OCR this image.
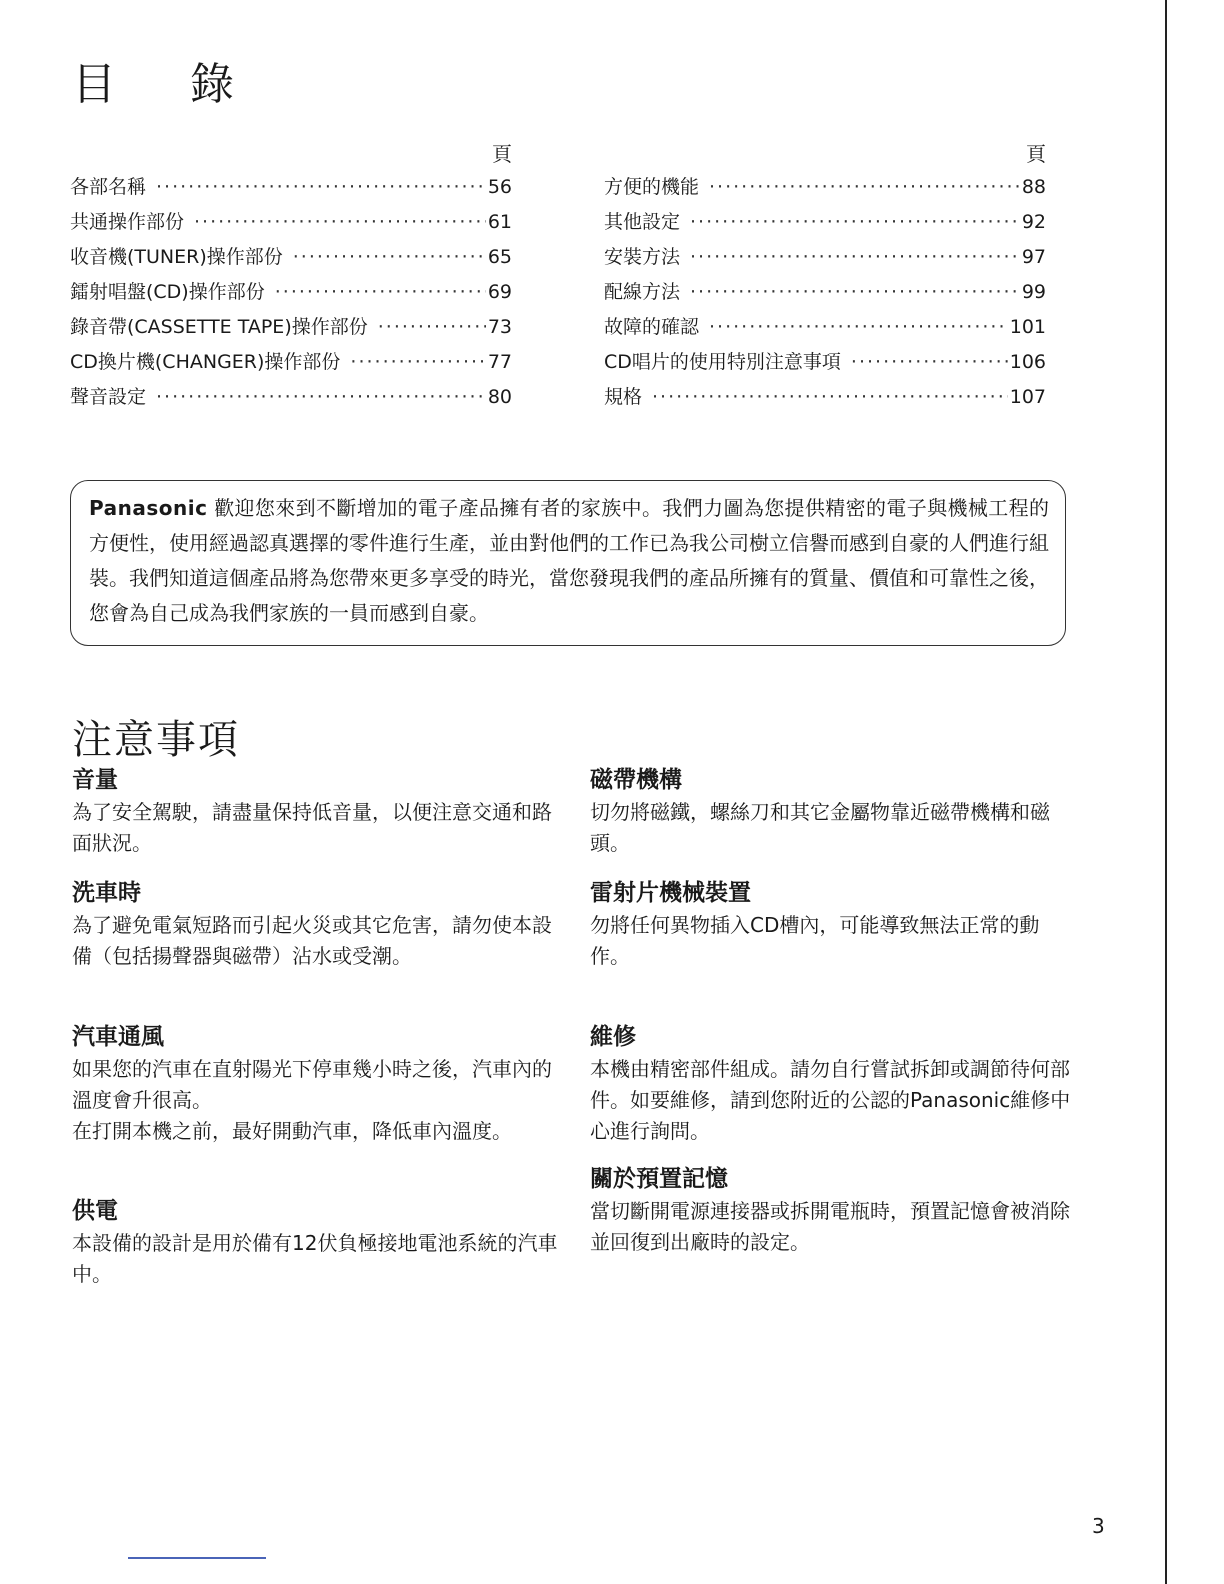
目 錄
頁
各部名稱 ·····	56
共通操作部份 ·····	61
收音機(TUNER)操作部份 ·····	65
鐳射唱盤(CD)操作部份 ·····	69
錄音帶(CASSETTE TAPE)操作部份 ·····	73
CD換片機(CHANGER)操作部份 ·····	77
聲音設定 ·····	80
頁
方便的機能 ·····	88
其他設定 ·····	92
安裝方法 ·····	97
配線方法 ·····	99
故障的確認 ·····	101
CD唱片的使用特別注意事項 ·····	106
規格 ·····	107
Panasonic 歡迎您來到不斷增加的電子產品擁有者的家族中。我們力圖為您提供精密的電子與機械工程的方便性，使用經過認真選擇的零件進行生產，並由對他們的工作已為我公司樹立信譽而感到自豪的人們進行組裝。我們知道這個產品將為您帶來更多享受的時光，當您發現我們的產品所擁有的質量、價值和可靠性之後，您會為自己成為我們家族的一員而感到自豪。
注意事項
音量

為了安全駕駛，請盡量保持低音量，以便注意交通和路面狀況。

洗車時

為了避免電氣短路而引起火災或其它危害，請勿使本設備（包括揚聲器與磁帶）沾水或受潮。

汽車通風

如果您的汽車在直射陽光下停車幾小時之後，汽車內的溫度會升很高。

在打開本機之前，最好開動汽車，降低車內溫度。

供電

本設備的設計是用於備有12伏負極接地電池系統的汽車中。

磁帶機構

切勿將磁鐵，螺絲刀和其它金屬物靠近磁帶機構和磁頭。

雷射片機械裝置

勿將任何異物插入CD槽內，可能導致無法正常的動作。

維修

本機由精密部件組成。請勿自行嘗試拆卸或調節待何部件。如要維修，請到您附近的公認的Panasonic維修中心進行詢問。

關於預置記憶

當切斷開電源連接器或拆開電瓶時，預置記憶會被消除並回復到出廠時的設定。

3
